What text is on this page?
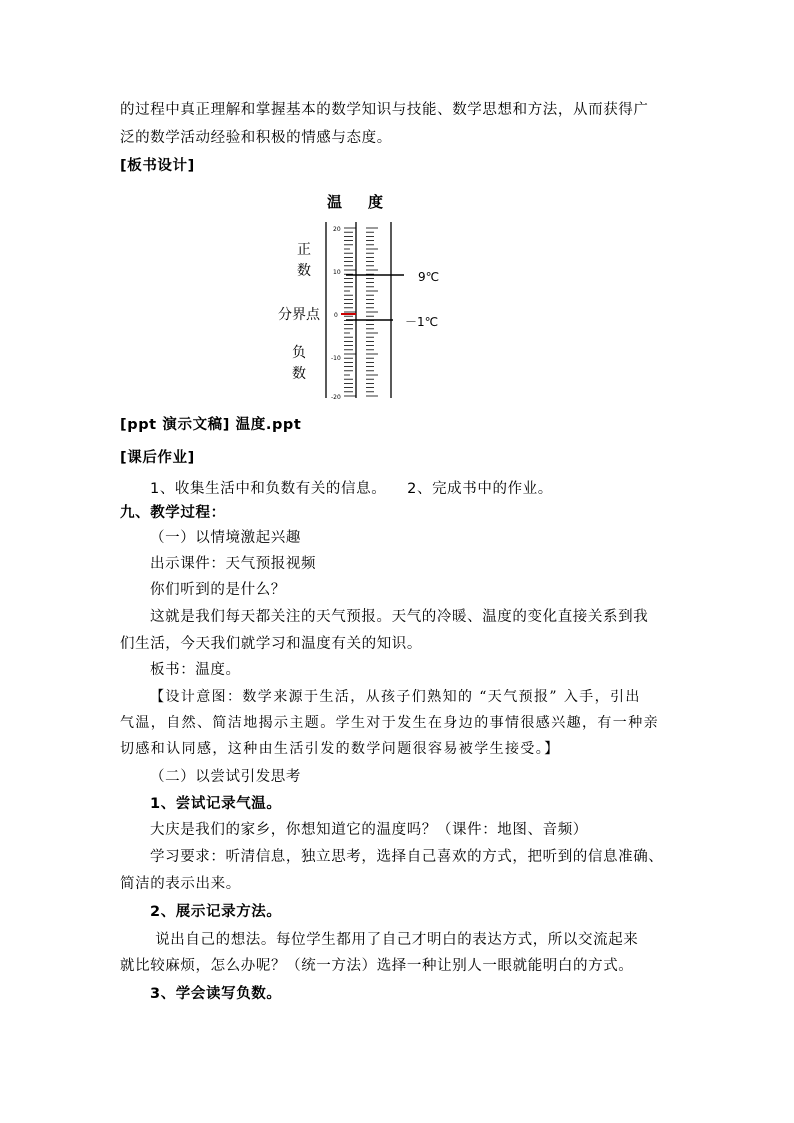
的过程中真正理解和掌握基本的数学知识与技能、数学思想和方法，从而获得广
泛的数学活动经验和积极的情感与态度。
[板书设计]
温 度
正
数
分界点
负
数
20
10
0
-10
-20
9℃
－1℃
[ppt 演示文稿] 温度.ppt
[课后作业]
1、收集生活中和负数有关的信息。    2、完成书中的作业。
九、教学过程：
（一）以情境激起兴趣
出示课件：天气预报视频
你们听到的是什么？
这就是我们每天都关注的天气预报。天气的冷暖、温度的变化直接关系到我
们生活，今天我们就学习和温度有关的知识。
板书：温度。
【设计意图：数学来源于生活，从孩子们熟知的 “天气预报” 入手，引出
气温，自然、简洁地揭示主题。学生对于发生在身边的事情很感兴趣，有一种亲
切感和认同感，这种由生活引发的数学问题很容易被学生接受。】
（二）以尝试引发思考
1、尝试记录气温。
大庆是我们的家乡，你想知道它的温度吗？（课件：地图、音频）
学习要求：听清信息，独立思考，选择自己喜欢的方式，把听到的信息准确、
简洁的表示出来。
2、展示记录方法。
说出自己的想法。每位学生都用了自己才明白的表达方式，所以交流起来
就比较麻烦，怎么办呢？（统一方法）选择一种让别人一眼就能明白的方式。
3、学会读写负数。
